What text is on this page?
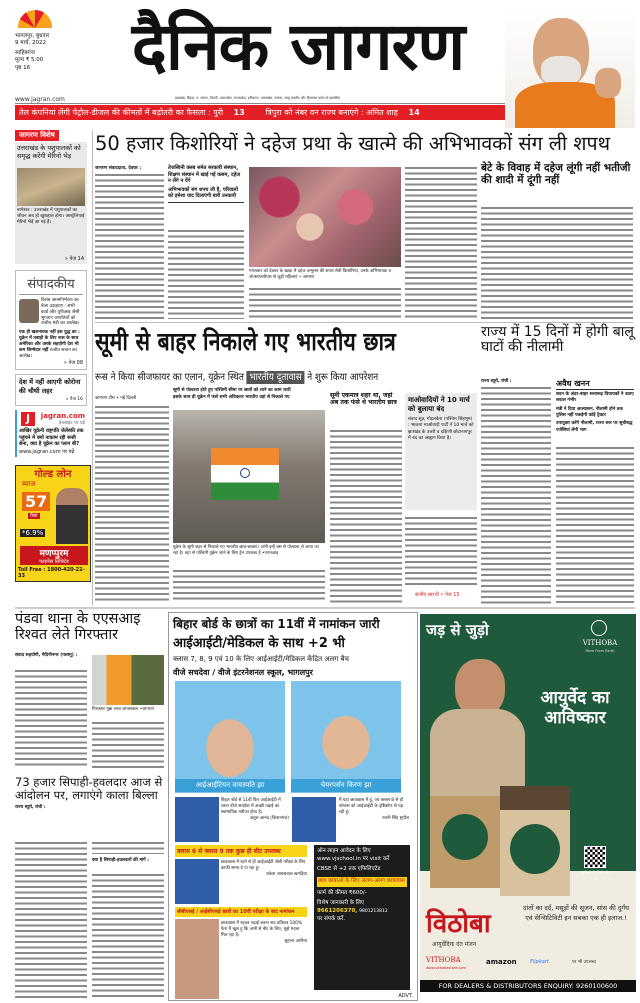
भागलपुर, बुधवार
9 मार्च, 2022
साहिबगंज
मूल्य ₹ 5.00
पृष्ठ 16	दैनिक जागरण
www.jagran.com	झारखंड, बिहार, प. बंगाल, दिल्ली, उत्तरप्रदेश, मध्यप्रदेश, हरियाणा, उत्तराखंड, पंजाब, जम्मू कश्मीर और हिमाचल प्रदेश से प्रकाशित
तेल कंपनियां लेंगी पेट्रोल-डीजल की कीमतों में बढ़ोतरी का फैसला : पुरी 13	त्रिपुरा को नंबर वन राज्य बनाएंगे : अमित शाह 14
जागरण विशेष
उत्तराखंड के पशुपालकों को समृद्ध करेंगी मेरिनो भेड़
बागेश्वर : उत्तराखंड में पशुपालकों का जीवन अब हो खुशहाल होगा। आस्ट्रेलियाई मेरिनो भेड़ें आ गई हैं।
» पेज 14
संपादकीय
विलंब आत्मनिर्भरता का बेजा उदाहरण : सभी कार्ड और यूपीआइ जैसी भुगतान प्रणालियों को राजीव मंत्री का आलेख।
एक ही खलनायक नहीं इस युद्ध का : यूक्रेन में तबाही के लिए रूस के साथ अमेरिका और उसके सहयोगी देश भी कम जिम्मेदार नहीं राजीव सचान का आलेख।
» पेज 08
देश में नहीं आएगी कोरोना की चौथी लहर
» पेज 16
J	jagran.com
वेबसाइट पर पढ़ें
आखिर यूक्रेनी राष्ट्रपति जेलेंस्की तक पहुंचने में क्यों नाकाम रही रूसी सेना, क्या है यूक्रेन का प्लान बी?
www.jagran.com पर पढ़ें
गोल्ड लोन
ब्याज
57
पैसा
*6.9%
मणप्पुरम
फाइनेंस लिमिटेड
Toll Free : 1800-420-22-33
50 हजार किशोरियों ने दहेज प्रथा के खात्मे की अभिभावकों संग ली शपथ
जागरण संवाददाता, देवघर :	तेजस्विनी क्लब समेत सरकारी संस्थान, शिक्षण संस्थान में खाई गई कसम, दहेज न लेंगे न देंगे
अभिभावकों संग शपथ ली है, परिवालों को हमेशा याद दिलाएंगी बारी उनकारी
मंगलवार को देवघर के खाड़ा में दहेज उन्मूलन की शपथ लेती किशोरियां, उनके अभिभावक व जेएसएलपीएस से जुड़ी महिलाएं • जागरण
बेटे के विवाह में दहेज लूंगी नहीं भतीजी की शादी में दूंगी नहीं
सूमी से बाहर निकाले गए भारतीय छात्र
रूस ने किया सीजफायर का एलान, यूक्रेन स्थित भारतीय दूतावास ने शुरू किया आपरेशन
जागरण टीम • नई दिल्ली
सूमी से पोल्टावा होते हुए पश्चिमी सीमा पर छात्रों को लाने का काम जारी
इसके साथ ही यूक्रेन में फंसे सभी अधिकतर भारतीय वहां से निकाले गए
यूक्रेन के सूमी शहर से निकाले गए भारतीय छात्र-छात्राएं। अभी इन्हें बस से पोल्टावा ले जाया जा रहा है। वहां से पश्चिमी यूक्रेन जाने के लिए ट्रेन उपलब्ध है •एएनआइ
सूमी एकमात्र शहर था, जहां अब तक फंसे थे भारतीय छात्र	माओवादियों ने 10 मार्च को बुलाया बंद
संवाद सूत्र, गोइलकेरा (पश्चिम सिंहभूम) : भाकपा माओवादी पार्टी ने 10 मार्च को झारखंड के उत्तरी व दक्षिणी छोटानागपुर में बंद का आह्वान किया है।
संजीव सारथी • पेज 15
राज्य में 15 दिनों में होगी बालू घाटों की नीलामी
राज्य ब्यूरो, रांची :	अवैध खनन
सदन के अंदर-बाहर सत्तारूढ़ विधायकों ने उठाए सवाल गंभीर
मंत्री ने दिया आश्वासन, नीलामी होने तक पुलिस नहीं पकड़ेगी कोई ट्रैक्टर
उपायुक्त करेंगे नीलामी, राज्य स्तर पर सूचीबद्ध एजेंसियां लेंगी भाग
पंडवा थाना के एएसआइ रिश्वत लेते गिरफ्तार
संवाद सहयोगी, मेदिनीनगर (पलामू) :
गिरफ्तार मुन्ना लाल जायसवाल •जागरण
73 हजार सिपाही-हवलदार आज से आंदोलन पर, लगाएंगे काला बिल्ला
राज्य ब्यूरो, रांची :
क्या है सिपाही-हवलदारों की मांगें :
बिहार बोर्ड के छात्रों का 11वीं में नामांकन जारी
आईआईटी/मेडिकल के साथ +2 भी
क्लास 7, 8, 9 एवं 10 के लिए आईआईटी/मेडिकल केंद्रित अलग बैच
वीजे सचदेवा / वीजे इंटरनेशनल स्कूल, भागलपुर
आईआईटियन वाचस्पति झा	चेयरपर्सन किरण झा
बिहार बोर्ड से 11वीं फिर आईआईटी में प्लान वीजे सचदेवा में अच्छी पढ़ाई का स्वाभाविक नतीजा होता है।
अतुल आनंद (किशनगंज)
मैं यहां छात्रावास में हूं, एवं क्लास 8 से ही फोकस को आईआईटी के दृष्टिकोण से पढ़ रही हूं।
रजनी सिंह सुपौल
क्लास 6 से क्लास 9 तक कुछ ही सीट उपलब्ध
छात्रावास में रहने से ही आईआईटी जैसी परीक्षा के लिए काफी समय दे पा रहा हूं।
राकेश जायसवाल खगड़िया
सीबीएसई / आईसीएसई छात्रों का 10वीं परीक्षा के बाद नामांकन
छात्रावास में रहकर पढ़ाई करना शत प्रतिशत 100% फेरा मैं खुश हूं कि अभी से नीट के लिए, मुझे महत्व मिल रहा है।
सुहाना अररिया
ऑन लाइन आवेदन के लिए www.vjschool.in पर visit करें
CBSE से +2 तक एफिलिएटेड
छात्र छात्राओं के लिए अलग-अलग छात्रावास
फार्म की कीमत ₹600/-
विशेष जानकारी के लिए
9661206370, 9801213812
पर संपर्क करें.
ADVT.
जड़ से जुड़ो
VITHOBA
More From Earth
आयुर्वेद का आविष्कार
खरीदने के लिये स्कैन करें
विठोबा
आयुर्वेदिक दंत मंजन
दांतों का दर्द, मसूड़ों की सूजन, सांस की दुर्गंध एवं सेन्सिटिविटी इन सबका एक ही इलाज.!
VITHOBA
www.vithobastore.com
amazon	Flipkart	पर भी उपलब्ध
FOR DEALERS & DISTRIBUTORS ENQUIRY: 9260100600
